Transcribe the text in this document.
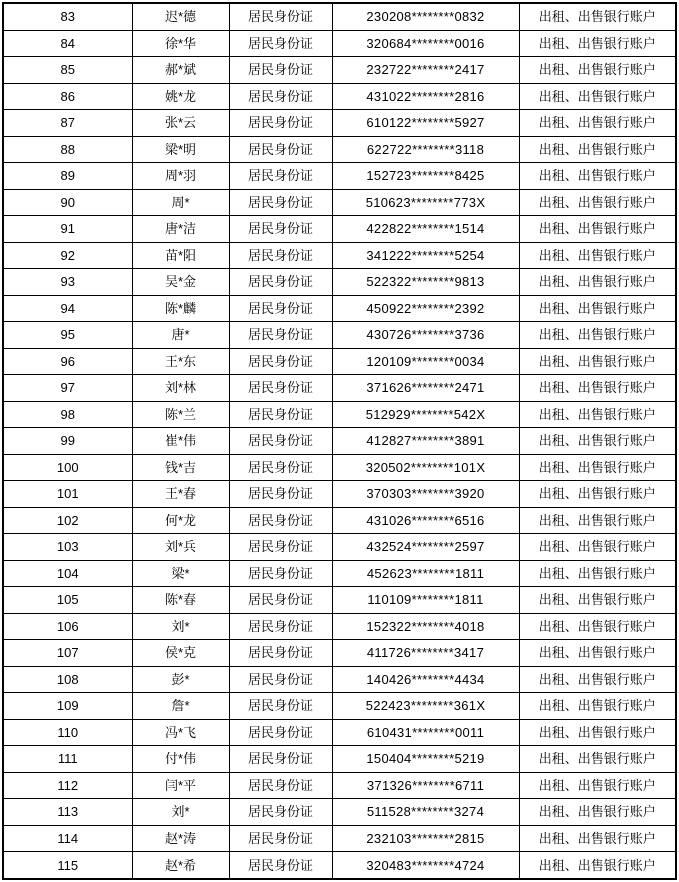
83	迟*德	居民身份证	230208********0832	出租、出售银行账户
84	徐*华	居民身份证	320684********0016	出租、出售银行账户
85	郝*斌	居民身份证	232722********2417	出租、出售银行账户
86	姚*龙	居民身份证	431022********2816	出租、出售银行账户
87	张*云	居民身份证	610122********5927	出租、出售银行账户
88	梁*明	居民身份证	622722********3118	出租、出售银行账户
89	周*羽	居民身份证	152723********8425	出租、出售银行账户
90	周*	居民身份证	510623********773X	出租、出售银行账户
91	唐*洁	居民身份证	422822********1514	出租、出售银行账户
92	苗*阳	居民身份证	341222********5254	出租、出售银行账户
93	吴*金	居民身份证	522322********9813	出租、出售银行账户
94	陈*麟	居民身份证	450922********2392	出租、出售银行账户
95	唐*	居民身份证	430726********3736	出租、出售银行账户
96	王*东	居民身份证	120109********0034	出租、出售银行账户
97	刘*林	居民身份证	371626********2471	出租、出售银行账户
98	陈*兰	居民身份证	512929********542X	出租、出售银行账户
99	崔*伟	居民身份证	412827********3891	出租、出售银行账户
100	钱*吉	居民身份证	320502********101X	出租、出售银行账户
101	王*春	居民身份证	370303********3920	出租、出售银行账户
102	何*龙	居民身份证	431026********6516	出租、出售银行账户
103	刘*兵	居民身份证	432524********2597	出租、出售银行账户
104	梁*	居民身份证	452623********1811	出租、出售银行账户
105	陈*春	居民身份证	110109********1811	出租、出售银行账户
106	刘*	居民身份证	152322********4018	出租、出售银行账户
107	侯*克	居民身份证	411726********3417	出租、出售银行账户
108	彭*	居民身份证	140426********4434	出租、出售银行账户
109	詹*	居民身份证	522423********361X	出租、出售银行账户
110	冯*飞	居民身份证	610431********0011	出租、出售银行账户
111	付*伟	居民身份证	150404********5219	出租、出售银行账户
112	闫*平	居民身份证	371326********6711	出租、出售银行账户
113	刘*	居民身份证	511528********3274	出租、出售银行账户
114	赵*涛	居民身份证	232103********2815	出租、出售银行账户
115	赵*希	居民身份证	320483********4724	出租、出售银行账户
